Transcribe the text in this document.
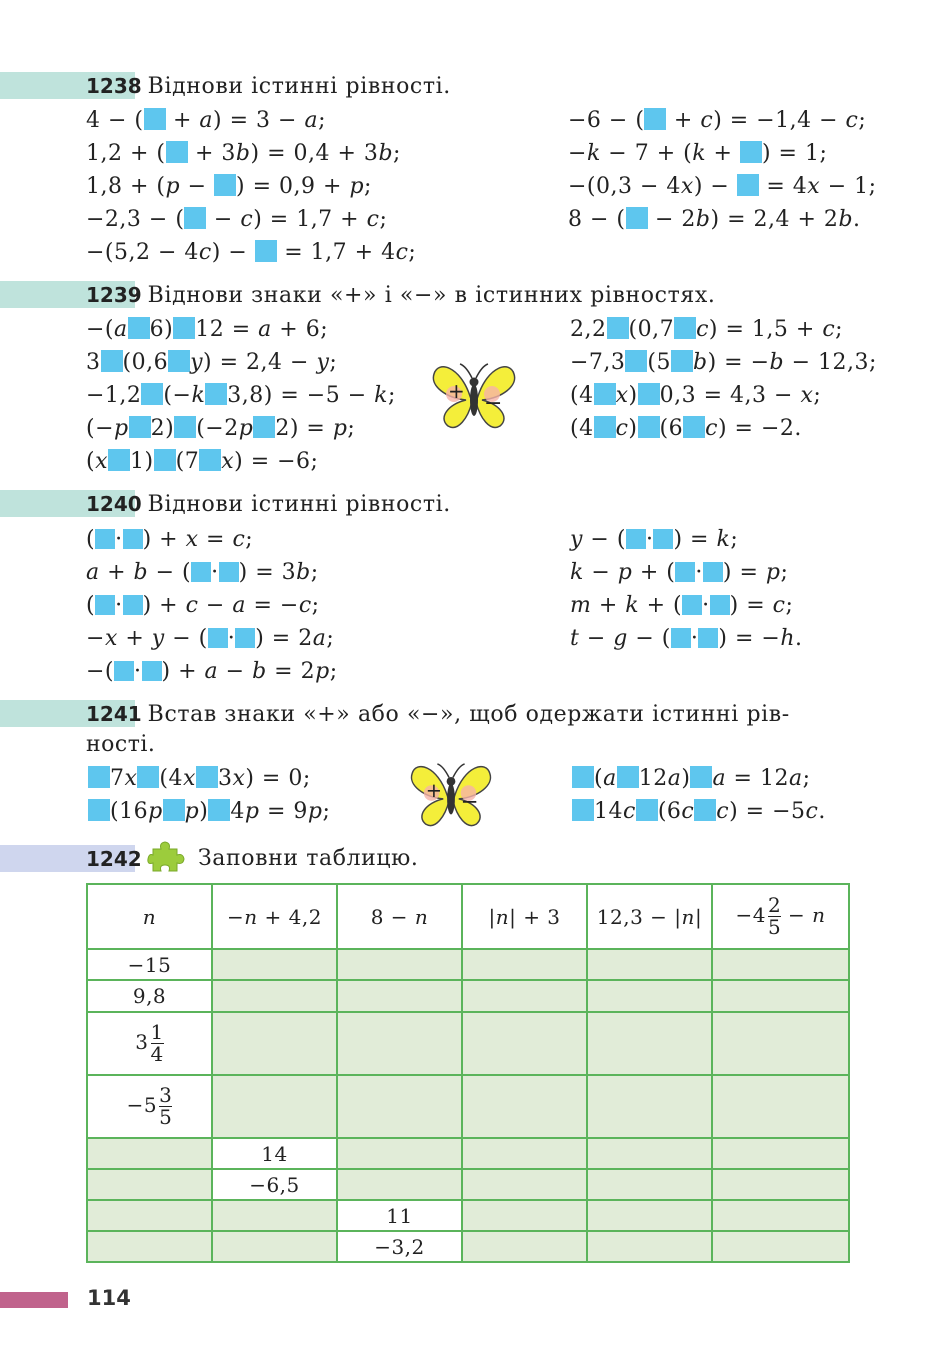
1238 Віднови істинні рівності.
4 − ( + a) = 3 − a;
1,2 + ( + 3b) = 0,4 + 3b;
1,8 + (p − ) = 0,9 + p;
−2,3 − ( − c) = 1,7 + c;
−(5,2 − 4c) −  = 1,7 + 4c;
−6 − ( + c) = −1,4 − c;
−k − 7 + (k + ) = 1;
−(0,3 − 4x) −  = 4x − 1;
8 − ( − 2b) = 2,4 + 2b.
1239 Віднови знаки «+» і «−» в істинних рівностях.
−(a 6) 12 = a + 6;
3 (0,6 y) = 2,4 − y;
−1,2 (−k 3,8) = −5 − k;
(−p 2) (−2p 2) = p;
(x 1) (7 x) = −6;
2,2 (0,7 c) = 1,5 + c;
−7,3 (5 b) = −b − 12,3;
(4 x) 0,3 = 4,3 − x;
(4 c) (6 c) = −2.
+ −
1240 Віднови істинні рівності.
( · ) + x = c;
a + b − ( · ) = 3b;
( · ) + c − a = −c;
−x + y − ( · ) = 2a;
−( · ) + a − b = 2p;
y − ( · ) = k;
k − p + ( · ) = p;
m + k + ( · ) = c;
t − g − ( · ) = −h.
1241 Встав знаки «+» або «−», щоб одержати істинні рів-
ності.
7x (4x 3x) = 0;
(16p p) 4p = 9p;
(a 12a) a = 12a;
14c (6c c) = −5c.
+ −
1242	Заповни таблицю.
n	−n + 4,2	8 − n	|n| + 3	12,3 − |n|	$-4 \frac{2}{5} - n$
−15					
9,8					
$3 \frac{1}{4}$

$-5 \frac{3}{5}$

	14				
	−6,5				
		11			
		−3,2			
114
